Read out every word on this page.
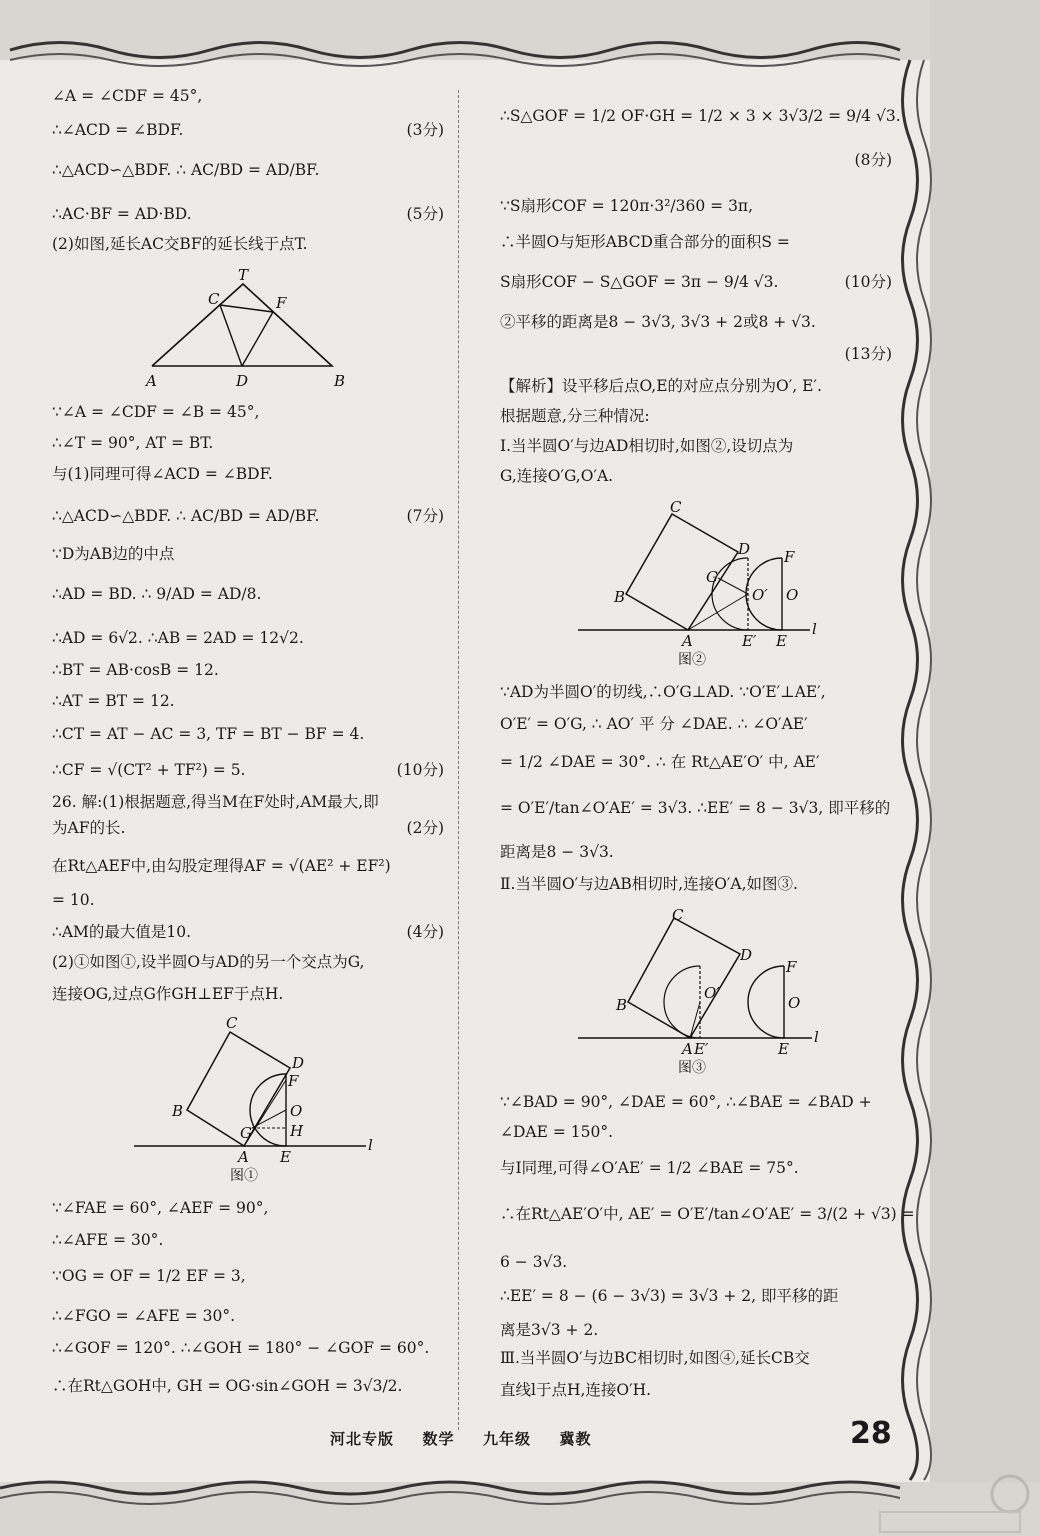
∠A = ∠CDF = 45°,
∴∠ACD = ∠BDF.	(3分)
∴△ACD∽△BDF. ∴ AC/BD = AD/BF.
∴AC·BF = AD·BD.	(5分)
(2)如图,延长AC交BF的延长线于点T.
∵∠A = ∠CDF = ∠B = 45°,
∴∠T = 90°, AT = BT.
与(1)同理可得∠ACD = ∠BDF.
∴△ACD∽△BDF. ∴ AC/BD = AD/BF.	(7分)
∵D为AB边的中点
∴AD = BD. ∴ 9/AD = AD/8.
∴AD = 6√2. ∴AB = 2AD = 12√2.
∴BT = AB·cosB = 12.
∴AT = BT = 12.
∴CT = AT − AC = 3, TF = BT − BF = 4.
∴CF = √(CT² + TF²) = 5.	(10分)
26. 解:(1)根据题意,得当M在F处时,AM最大,即
为AF的长.	(2分)
在Rt△AEF中,由勾股定理得AF = √(AE² + EF²)
= 10.
∴AM的最大值是10.	(4分)
(2)①如图①,设半圆O与AD的另一个交点为G,
连接OG,过点G作GH⊥EF于点H.
∵∠FAE = 60°, ∠AEF = 90°,
∴∠AFE = 30°.
∵OG = OF = 1/2 EF = 3,
∴∠FGO = ∠AFE = 30°.
∴∠GOF = 120°. ∴∠GOH = 180° − ∠GOF = 60°.
∴在Rt△GOH中, GH = OG·sin∠GOH = 3√3/2.
∴S△GOF = 1/2 OF·GH = 1/2 × 3 × 3√3/2 = 9/4 √3.
(8分)
∵S扇形COF = 120π·3²/360 = 3π,
∴半圆O与矩形ABCD重合部分的面积S =
S扇形COF − S△GOF = 3π − 9/4 √3.	(10分)
②平移的距离是8 − 3√3, 3√3 + 2或8 + √3.
(13分)
【解析】设平移后点O,E的对应点分别为O′, E′.
根据题意,分三种情况:
Ⅰ.当半圆O′与边AD相切时,如图②,设切点为
G,连接O′G,O′A.
∵AD为半圆O′的切线,∴O′G⊥AD. ∵O′E′⊥AE′,
O′E′ = O′G, ∴ AO′ 平 分 ∠DAE. ∴ ∠O′AE′
= 1/2 ∠DAE = 30°. ∴ 在 Rt△AE′O′ 中, AE′
= O′E′/tan∠O′AE′ = 3√3. ∴EE′ = 8 − 3√3, 即平移的
距离是8 − 3√3.
Ⅱ.当半圆O′与边AB相切时,连接O′A,如图③.
∵∠BAD = 90°, ∠DAE = 60°, ∴∠BAE = ∠BAD +
∠DAE = 150°.
与Ⅰ同理,可得∠O′AE′ = 1/2 ∠BAE = 75°.
∴在Rt△AE′O′中, AE′ = O′E′/tan∠O′AE′ = 3/(2 + √3) =
6 − 3√3.
∴EE′ = 8 − (6 − 3√3) = 3√3 + 2, 即平移的距
离是3√3 + 2.
Ⅲ.当半圆O′与边BC相切时,如图④,延长CB交
直线l于点H,连接O′H.
T
C	F
A	D	B
C
D
F
O
H
B
G
A E
l
图①
C
D F
G
O′ O
B
A	E′ E
l
图②
C
D
F
O′
O
B
A E′	E
l
图③
河北专版 数学 九年级 冀教	28
